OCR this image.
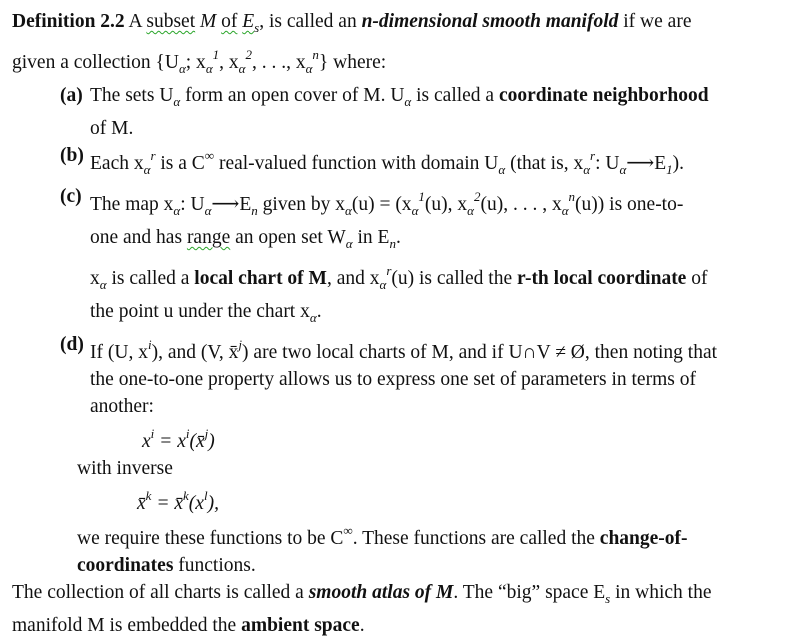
Definition 2.2 A subset M of $E_s$, is called an n-dimensional smooth manifold if we are

given a collection {$U_\alpha$; $x_\alpha^1$, $x_\alpha^2$, . . ., $x_\alpha^n$} where:

(a) The sets $U_\alpha$ form an open cover of M. $U_\alpha$ is called a coordinate neighborhood

of M.

(b) Each $x_\alpha^r$ is a C∞ real-valued function with domain $U_\alpha$ (that is, $x_\alpha^r$: $U_\alpha⟶E_1$).

(c) The map $x_\alpha$: $U_\alpha⟶E_n$ given by $x_\alpha(u) = (x_\alpha^1(u)$, $x_\alpha^2(u)$, . . . , $x_\alpha^n(u)$) is one-to-

one and has range an open set $W_\alpha$ in $E_n$.

$x_\alpha$ is called a local chart of M, and $x_\alpha^r(u)$ is called the r-th local coordinate of

the point u under the chart $x_\alpha$.

(d) If (U, $x^i$), and (V, x̄$^j$) are two local charts of M, and if U∩V ≠ Ø, then noting that

the one-to-one property allows us to express one set of parameters in terms of

another:

$x^i$ = $x^i(x̄^j)$

with inverse

x̄$^k$ = $x̄^k(x^l)$,

we require these functions to be C∞. These functions are called the change-of-

coordinates functions.

The collection of all charts is called a smooth atlas of M. The “big” space $E_s$ in which the

manifold M is embedded the ambient space.
